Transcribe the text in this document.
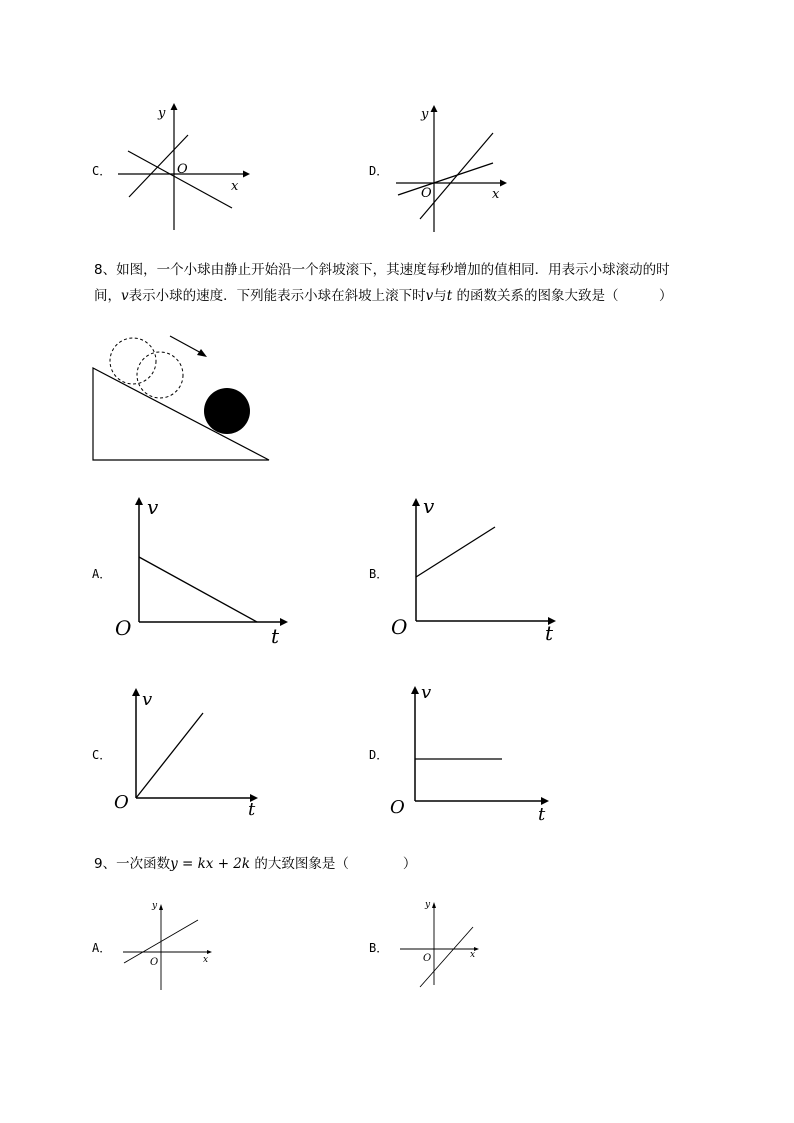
C．
x
y
O	D．
x
y
O
8、如图，一个小球由静止开始沿一个斜坡滚下，其速度每秒增加的值相同．用表示小球滚动的时
间，v表示小球的速度．下列能表示小球在斜坡上滚下时v与t 的函数关系的图象大致是（　　　）
A．
v
O	t
B．
v
O	t
C．
v
O	t
D．
v
O	t
9、一次函数y = kx + 2k 的大致图象是（　　　　）
A．
x
y
O
B．	x
y
O
